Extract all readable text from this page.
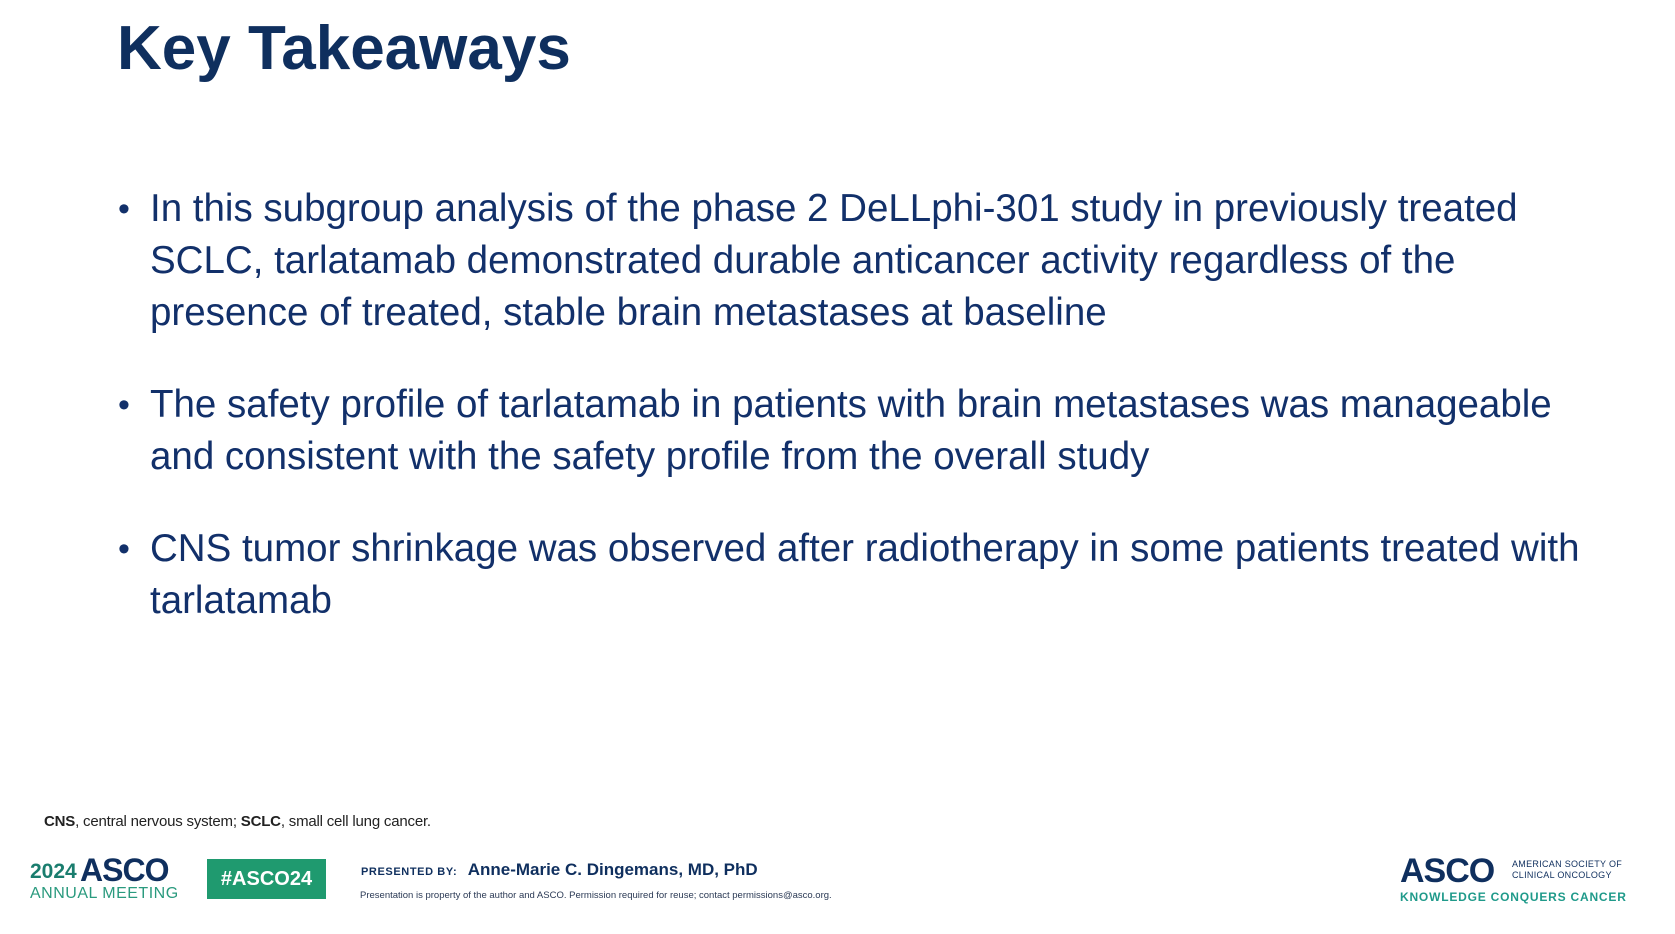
Key Takeaways
• In this subgroup analysis of the phase 2 DeLLphi-301 study in previously treated SCLC, tarlatamab demonstrated durable anticancer activity regardless of the presence of treated, stable brain metastases at baseline
• The safety profile of tarlatamab in patients with brain metastases was manageable and consistent with the safety profile from the overall study
• CNS tumor shrinkage was observed after radiotherapy in some patients treated with tarlatamab
CNS, central nervous system; SCLC, small cell lung cancer.
2024 ASCO
ANNUAL MEETING
#ASCO24	PRESENTED BY: Anne-Marie C. Dingemans, MD, PhD
Presentation is property of the author and ASCO. Permission required for reuse; contact permissions@asco.org.
ASCO AMERICAN SOCIETY OF
CLINICAL ONCOLOGY
KNOWLEDGE CONQUERS CANCER
